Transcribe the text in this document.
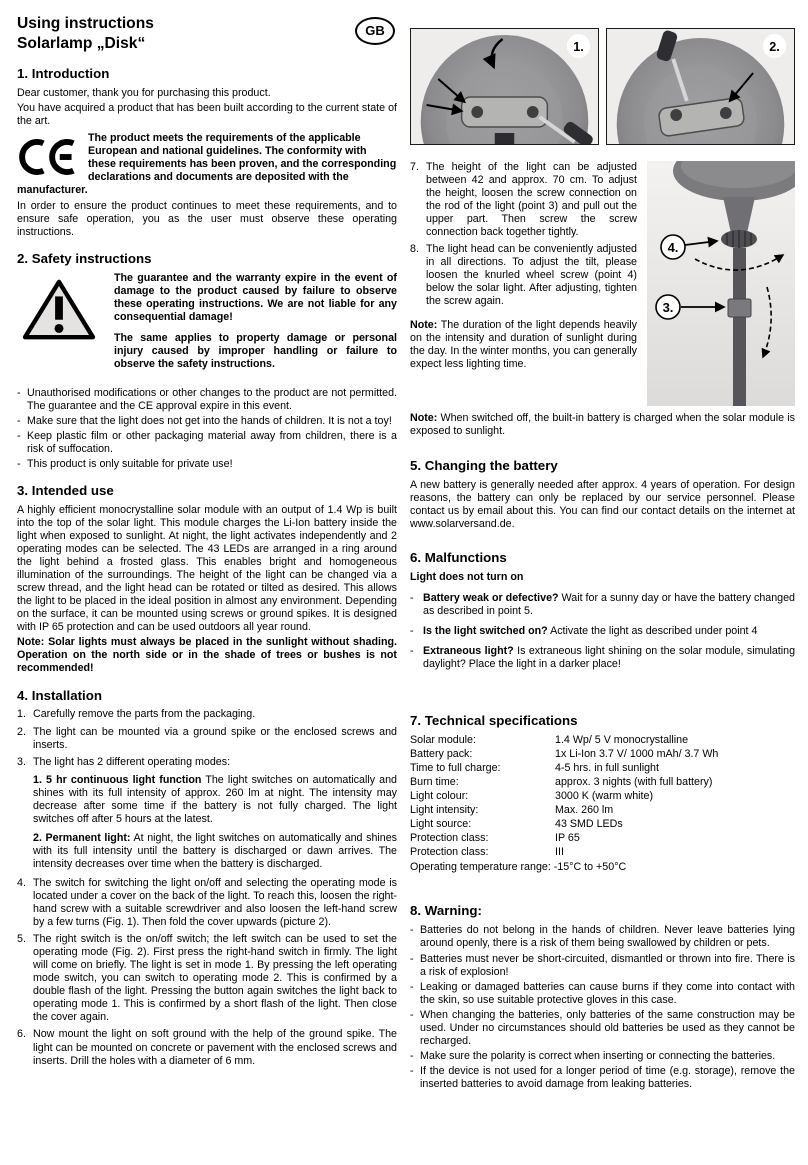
Using instructions
Solarlamp „Disk“
GB
1. Introduction

Dear customer, thank you for purchasing this product.

You have acquired a product that has been built according to the current state of the art.

The product meets the requirements of the applicable European and national guidelines. The conformity with these requirements has been proven, and the corresponding declarations and documents are deposited with the manufacturer.

In order to ensure the product continues to meet these requirements, and to ensure safe operation, you as the user must observe these operating instructions.

2. Safety instructions

The guarantee and the warranty expire in the event of damage to the product caused by failure to observe these operating instructions. We are not liable for any consequential damage!

The same applies to property damage or personal injury caused by improper handling or failure to observe the safety instructions.

- Unauthorised modifications or other changes to the product are not permitted. The guarantee and the CE approval expire in this event.
- Make sure that the light does not get into the hands of children. It is not a toy!
- Keep plastic film or other packaging material away from children, there is a risk of suffocation.
- This product is only suitable for private use!
3. Intended use

A highly efficient monocrystalline solar module with an output of 1.4 Wp is built into the top of the solar light. This module charges the Li-Ion battery inside the light when exposed to sunlight. At night, the light activates independently and 2 operating modes can be selected. The 43 LEDs are arranged in a ring around the light behind a frosted glass. This enables bright and homogeneous illumination of the surroundings. The height of the light can be changed via a screw thread, and the light head can be rotated or tilted as desired. This allows the light to be placed in the ideal position in almost any environment. Depending on the surface, it can be mounted using screws or ground spikes. It is designed with IP 65 protection and can be used outdoors all year round.

Note: Solar lights must always be placed in the sunlight without shading. Operation on the north side or in the shade of trees or bushes is not recommended!

4. Installation
1. Carefully remove the parts from the packaging.
2. The light can be mounted via a ground spike or the enclosed screws and inserts.
3. The light has 2 different operating modes:
1. 5 hr continuous light function The light switches on automatically and shines with its full intensity of approx. 260 lm at night. The intensity may decrease after some time if the battery is not fully charged. The light switches off after 5 hours at the latest.
2. Permanent light: At night, the light switches on automatically and shines with its full intensity until the battery is discharged or dawn arrives. The intensity decreases over time when the battery is discharged.
4. The switch for switching the light on/off and selecting the operating mode is located under a cover on the back of the light. To reach this, loosen the right-hand screw with a suitable screwdriver and also loosen the left-hand screw by a few turns (Fig. 1). Then fold the cover upwards (picture 2).
5. The right switch is the on/off switch; the left switch can be used to set the operating mode (Fig. 2). First press the right-hand switch in firmly. The light will come on briefly. The light is set in mode 1. By pressing the left operating mode switch, you can switch to operating mode 2. This is confirmed by a double flash of the light. Pressing the button again switches the light back to operating mode 1. This is confirmed by a short flash of the light. Then close the cover again.
6. Now mount the light on soft ground with the help of the ground spike. The light can be mounted on concrete or pavement with the enclosed screws and inserts. Drill the holes with a diameter of 6 mm.
1.	2.
4.
3.
7. The height of the light can be adjusted between 42 and approx. 70 cm. To adjust the height, loosen the screw connection on the rod of the light (point 3) and pull out the upper part. Then screw the screw connection back together tightly.
8. The light head can be conveniently adjusted in all directions. To adjust the tilt, please loosen the knurled wheel screw (point 4) below the solar light. After adjusting, tighten the screw again.

Note: The duration of the light depends heavily on the intensity and duration of sunlight during the day. In the winter months, you can generally expect less lighting time.

Note: When switched off, the built-in battery is charged when the solar module is exposed to sunlight.

5. Changing the battery

A new battery is generally needed after approx. 4 years of operation. For design reasons, the battery can only be replaced by our service personnel. Please contact us by email about this. You can find our contact details on the internet at www.solarversand.de.

6. Malfunctions

Light does not turn on

- Battery weak or defective? Wait for a sunny day or have the battery changed as described in point 5.
- Is the light switched on? Activate the light as described under point 4
- Extraneous light? Is extraneous light shining on the solar module, simulating daylight? Place the light in a darker place!
7. Technical specifications
Solar module:	1.4 Wp/ 5 V monocrystalline
Battery pack:	1x Li-Ion 3.7 V/ 1000 mAh/ 3.7 Wh
Time to full charge:	4-5 hrs. in full sunlight
Burn time:	approx. 3 nights (with full battery)
Light colour:	3000 K (warm white)
Light intensity:	Max. 260 lm
Light source:	43 SMD LEDs
Protection class:	IP 65
Protection class:	III
Operating temperature range: -15°C to +50°C
8. Warning:
- Batteries do not belong in the hands of children. Never leave batteries lying around openly, there is a risk of them being swallowed by children or pets.
- Batteries must never be short-circuited, dismantled or thrown into fire. There is a risk of explosion!
- Leaking or damaged batteries can cause burns if they come into contact with the skin, so use suitable protective gloves in this case.
- When changing the batteries, only batteries of the same construction may be used. Under no circumstances should old batteries be used as they cannot be recharged.
- Make sure the polarity is correct when inserting or connecting the batteries.
- If the device is not used for a longer period of time (e.g. storage), remove the inserted batteries to avoid damage from leaking batteries.
